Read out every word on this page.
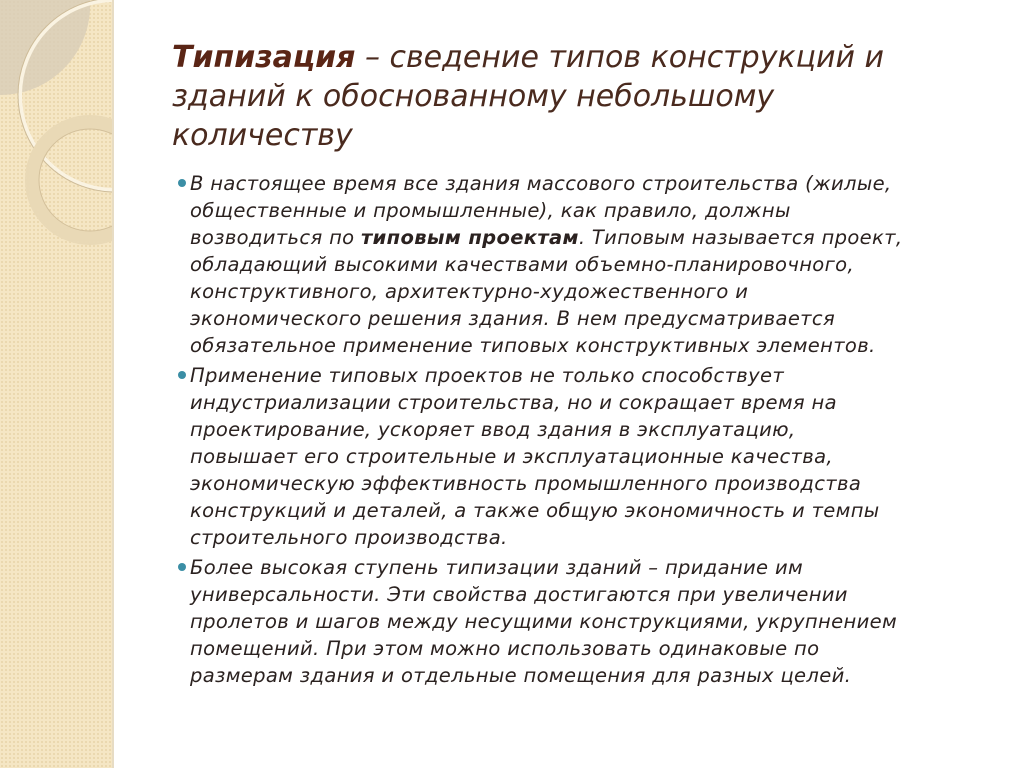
Типизация – сведение типов конструкций и
зданий к обоснованному небольшому
количеству
В настоящее время все здания массового строительства (жилые,
общественные и промышленные), как правило, должны
возводиться по типовым проектам. Типовым называется проект,
обладающий высокими качествами объемно-планировочного,
конструктивного, архитектурно-художественного и
экономического решения здания. В нем предусматривается
обязательное применение типовых конструктивных элементов.
Применение типовых проектов не только способствует
индустриализации строительства, но и сокращает время на
проектирование, ускоряет ввод здания в эксплуатацию,
повышает его строительные и эксплуатационные качества,
экономическую эффективность промышленного производства
конструкций и деталей, а также общую экономичность и темпы
строительного производства.
Более высокая ступень типизации зданий – придание им
универсальности. Эти свойства достигаются при увеличении
пролетов и шагов между несущими конструкциями, укрупнением
помещений. При этом можно использовать одинаковые по
размерам здания и отдельные помещения для разных целей.
